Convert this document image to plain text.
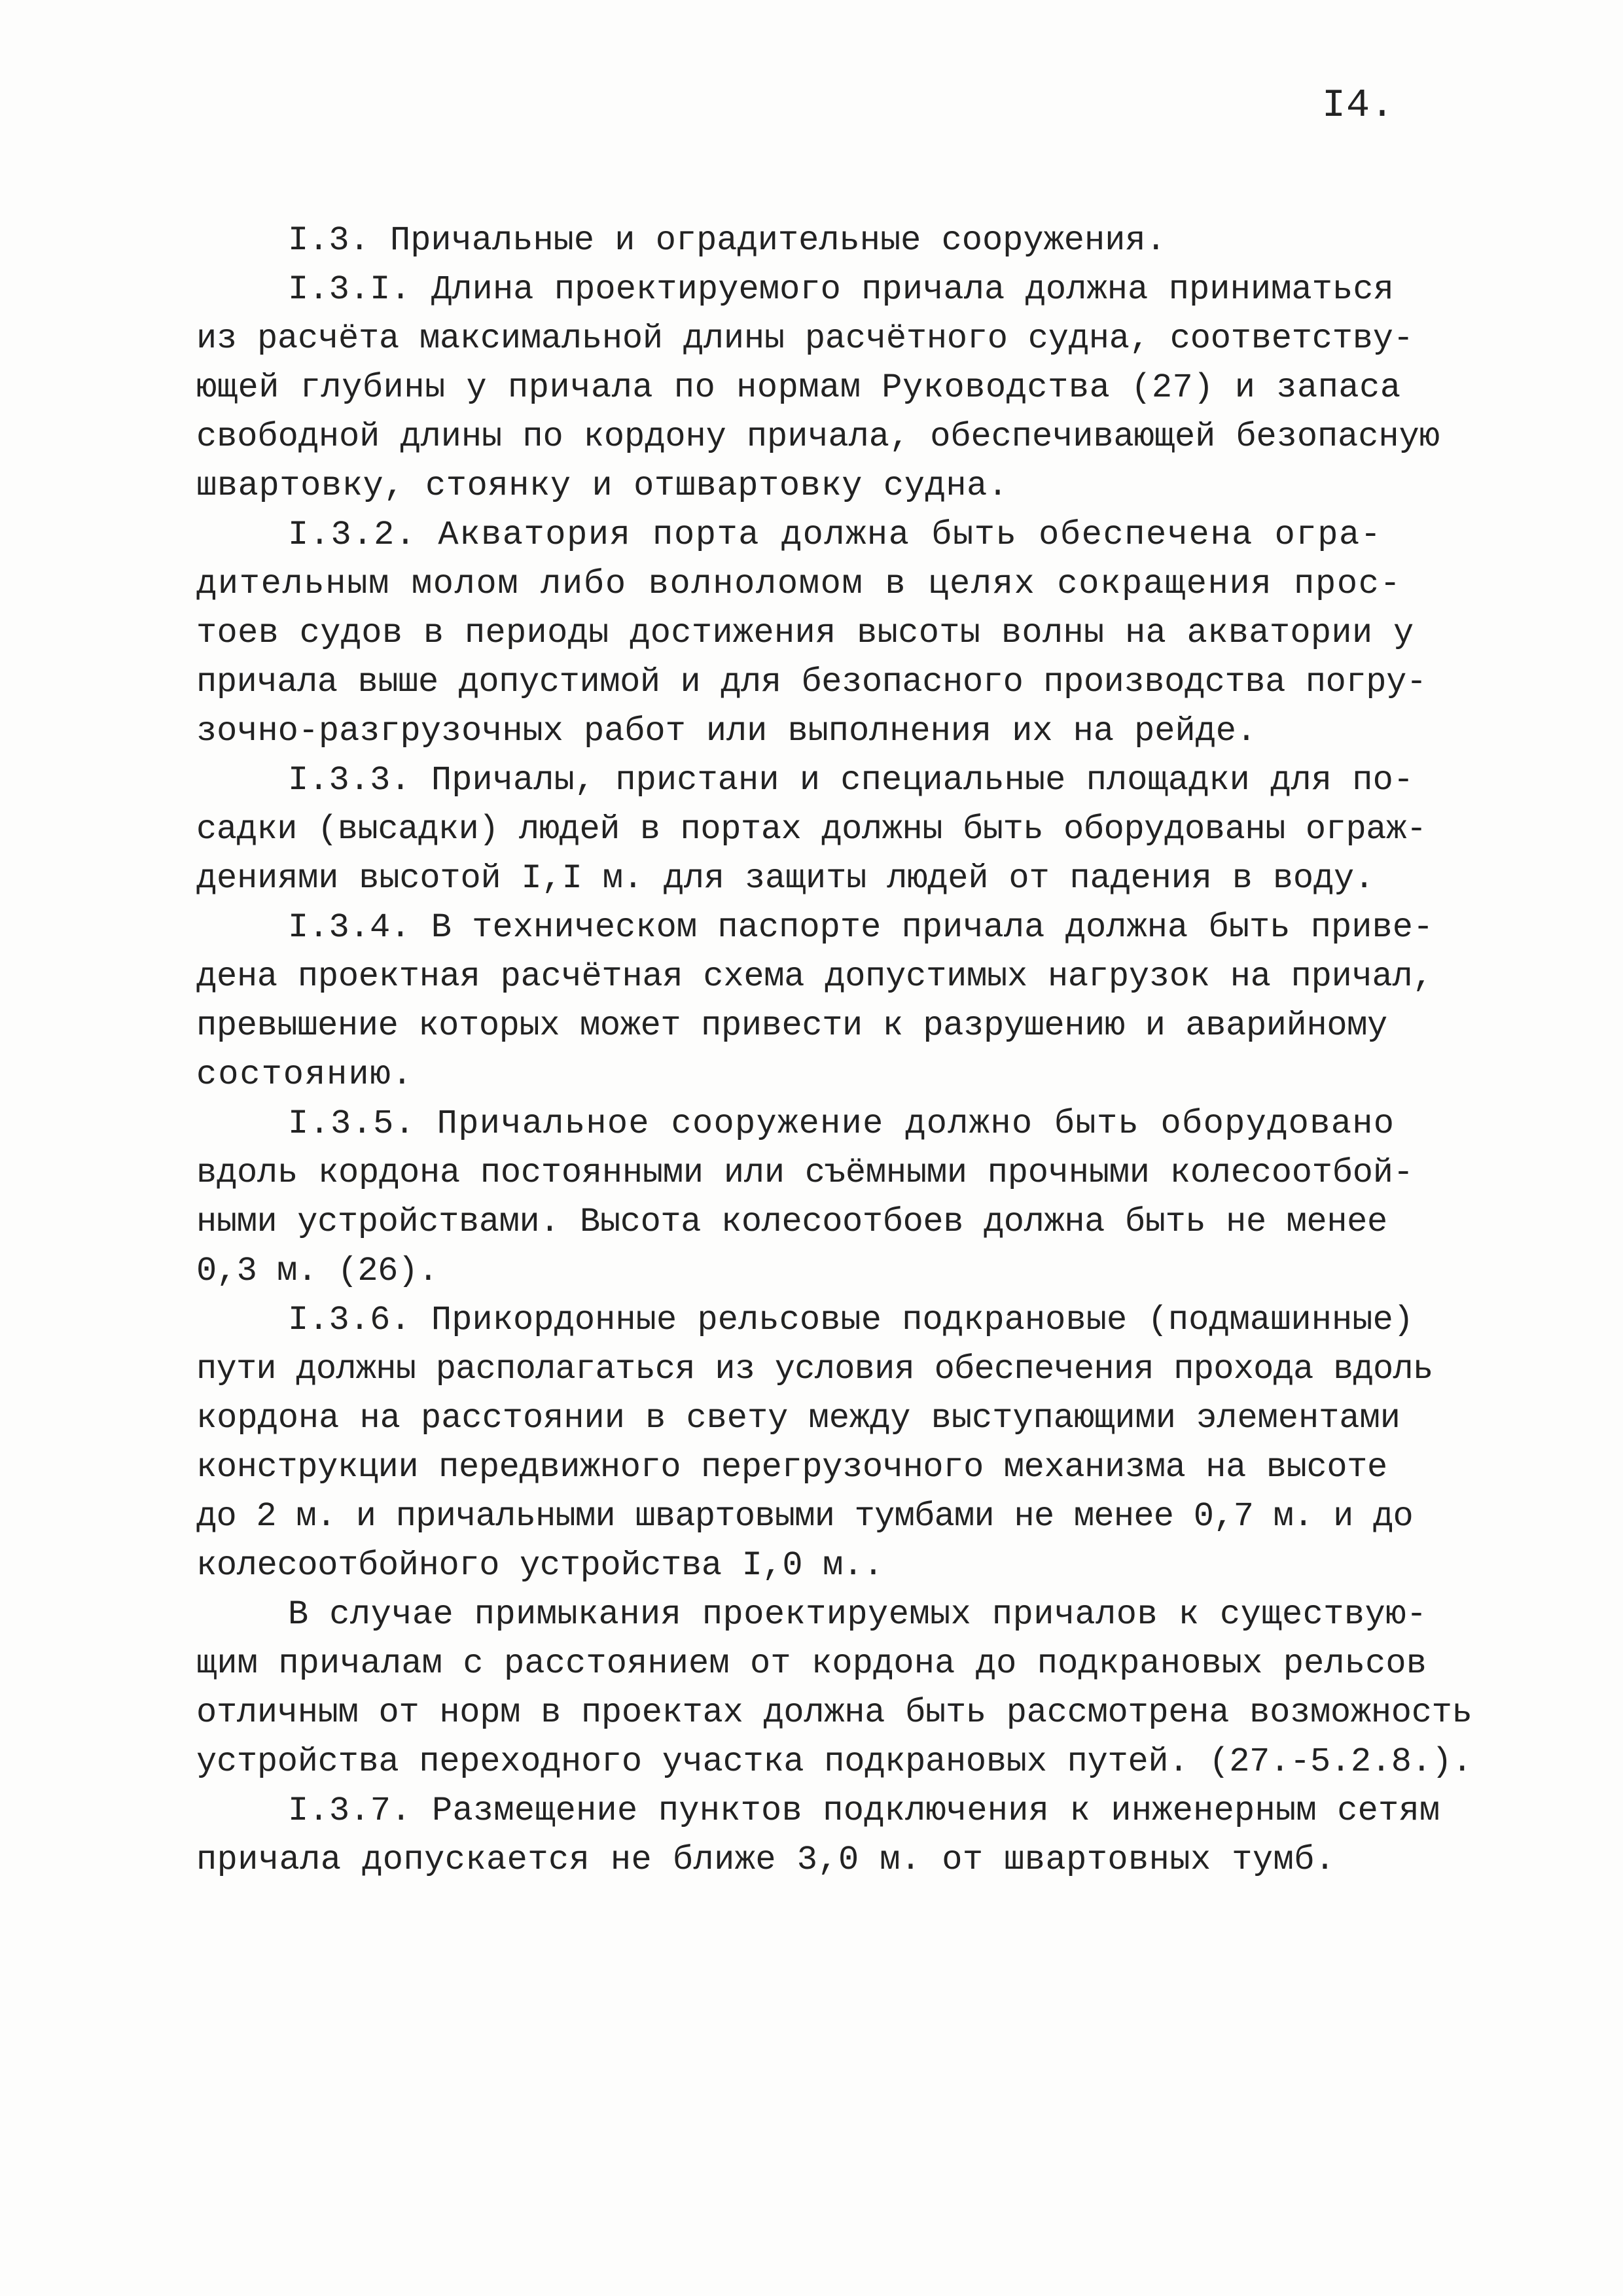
I4.
I.3. Причальные и оградительные сооружения.
I.3.I. Длина проектируемого причала должна приниматься
из расчёта максимальной длины расчётного судна, соответству-
ющей глубины у причала по нормам Руководства (27) и запаса
свободной длины по кордону причала, обеспечивающей безопасную
швартовку, стоянку и отшвартовку судна.
I.3.2. Акватория порта должна быть обеспечена огра-
дительным молом либо волноломом в целях сокращения прос-
тоев судов в периоды достижения высоты волны на акватории у
причала выше допустимой и для безопасного производства погру-
зочно-разгрузочных работ или выполнения их на рейде.
I.3.3. Причалы, пристани и специальные площадки для по-
садки (высадки) людей в портах должны быть оборудованы ограж-
дениями высотой I,I м. для защиты людей от падения в воду.
I.3.4. В техническом паспорте причала должна быть приве-
дена проектная расчётная схема допустимых нагрузок на причал,
превышение которых может привести к разрушению и аварийному
состоянию.
I.3.5. Причальное сооружение должно быть оборудовано
вдоль кордона постоянными или съёмными прочными колесоотбой-
ными устройствами. Высота колесоотбоев должна быть не менее
0,3 м. (26).
I.3.6. Прикордонные рельсовые подкрановые (подмашинные)
пути должны располагаться из условия обеспечения прохода вдоль
кордона на расстоянии в свету между выступающими элементами
конструкции передвижного перегрузочного механизма на высоте
до 2 м. и причальными швартовыми тумбами не менее 0,7 м. и до
колесоотбойного устройства I,0 м..
В случае примыкания проектируемых причалов к существую-
щим причалам с расстоянием от кордона до подкрановых рельсов
отличным от норм в проектах должна быть рассмотрена возможность
устройства переходного участка подкрановых путей. (27.-5.2.8.).
I.3.7. Размещение пунктов подключения к инженерным сетям
причала допускается не ближе 3,0 м. от швартовных тумб.
